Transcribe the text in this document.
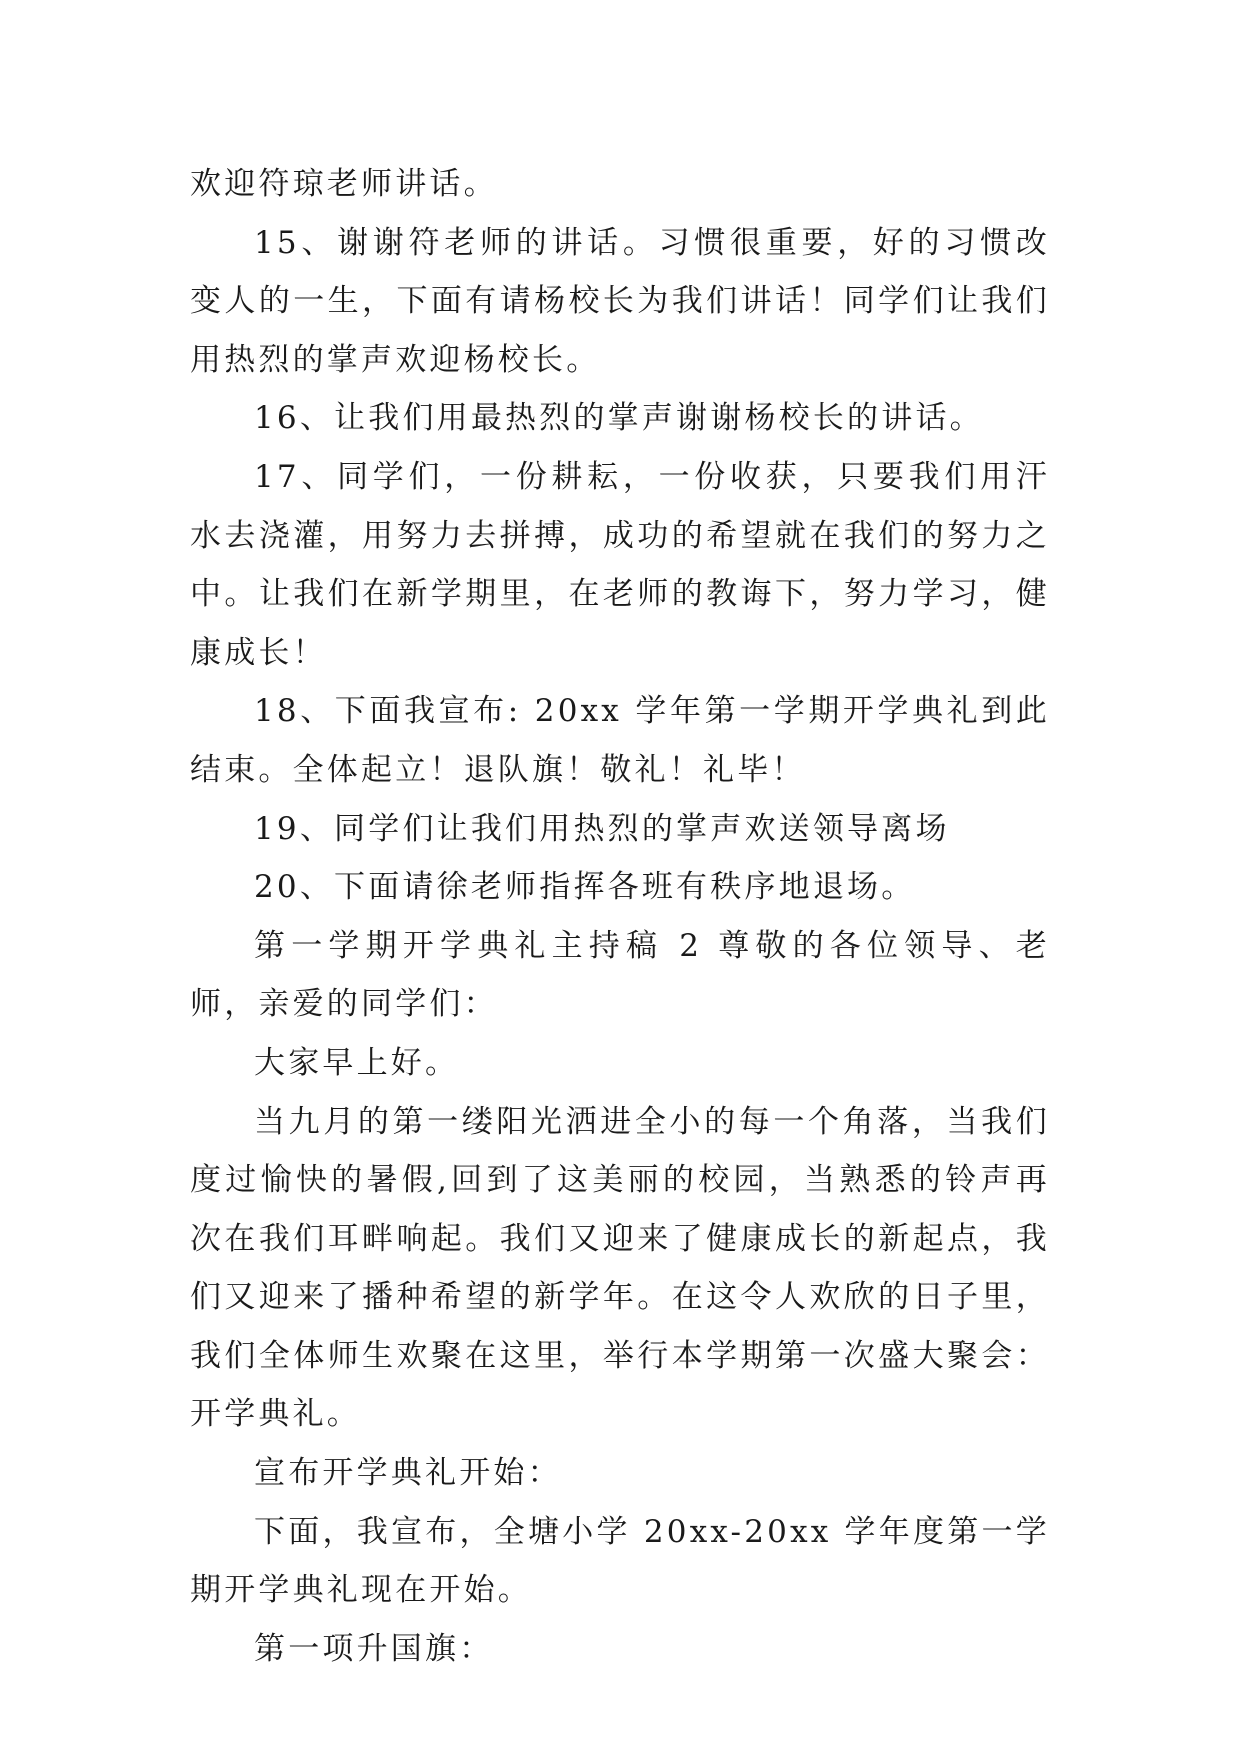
欢迎符琼老师讲话。

15、谢谢符老师的讲话。习惯很重要，好的习惯改变人的一生，下面有请杨校长为我们讲话！同学们让我们用热烈的掌声欢迎杨校长。

16、让我们用最热烈的掌声谢谢杨校长的讲话。

17、同学们，一份耕耘，一份收获，只要我们用汗水去浇灌，用努力去拼搏，成功的希望就在我们的努力之中。让我们在新学期里，在老师的教诲下，努力学习，健康成长！

18、下面我宣布: 20xx 学年第一学期开学典礼到此结束。全体起立！退队旗！敬礼！礼毕！

19、同学们让我们用热烈的掌声欢送领导离场

20、下面请徐老师指挥各班有秩序地退场。

第一学期开学典礼主持稿 2 尊敬的各位领导、老师，亲爱的同学们：

大家早上好。

当九月的第一缕阳光洒进全小的每一个角落，当我们度过愉快的暑假,回到了这美丽的校园，当熟悉的铃声再次在我们耳畔响起。我们又迎来了健康成长的新起点，我们又迎来了播种希望的新学年。在这令人欢欣的日子里，我们全体师生欢聚在这里，举行本学期第一次盛大聚会：开学典礼。

宣布开学典礼开始：

下面，我宣布，全塘小学 20xx-20xx 学年度第一学期开学典礼现在开始。

第一项升国旗：
